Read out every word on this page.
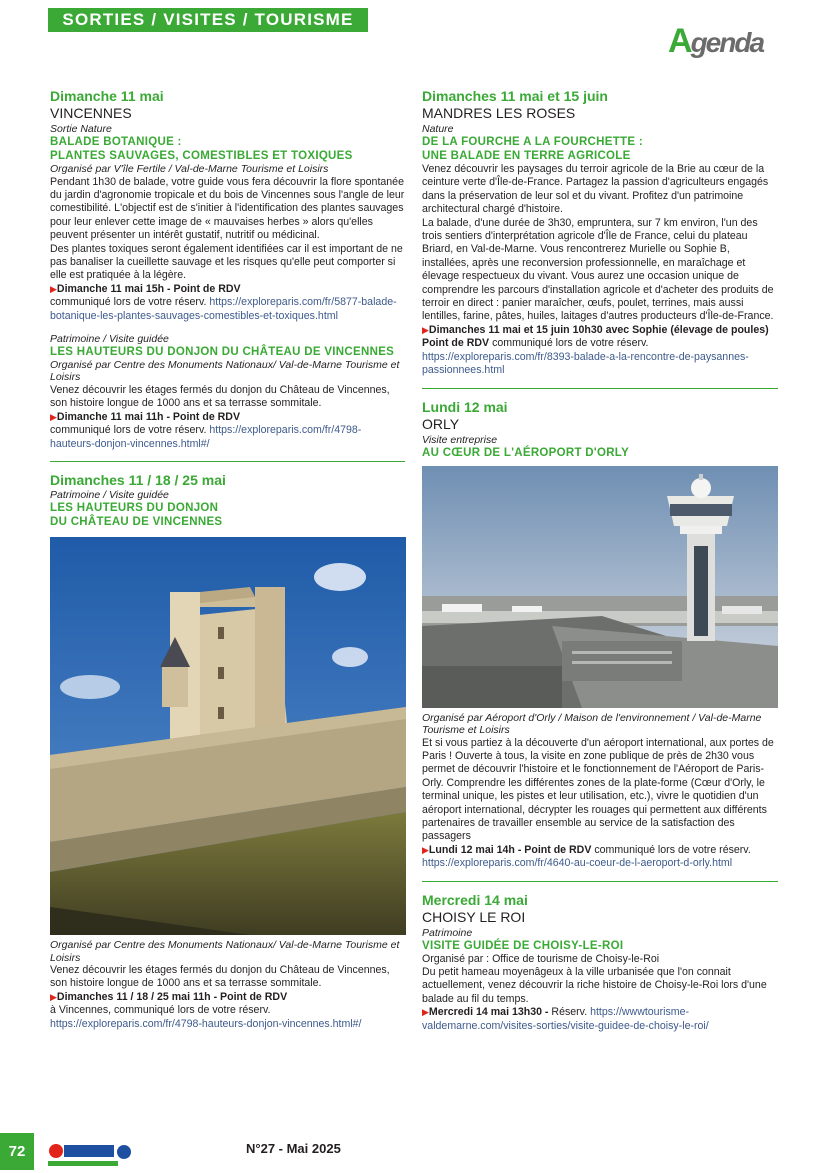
SORTIES / VISITES / TOURISME
Agenda
Dimanche 11 mai
VINCENNES
Sortie Nature
BALADE BOTANIQUE :
PLANTES SAUVAGES, COMESTIBLES ET TOXIQUES
Organisé par V'île Fertile / Val-de-Marne Tourisme et Loisirs

Pendant 1h30 de balade, votre guide vous fera découvrir la flore spontanée du jardin d'agronomie tropicale et du bois de Vincennes sous l'angle de leur comestibilité. L'objectif est de s'initier à l'identification des plantes sauvages pour leur enlever cette image de « mauvaises herbes » alors qu'elles peuvent présenter un intérêt gustatif, nutritif ou médicinal.

Des plantes toxiques seront également identifiées car il est important de ne pas banaliser la cueillette sauvage et les risques qu'elle peut comporter si elle est pratiquée à la légère.

▶Dimanche 11 mai 15h - Point de RDV
communiqué lors de votre réserv. https://exploreparis.com/fr/5877-balade-botanique-les-plantes-sauvages-comestibles-et-toxiques.html
Patrimoine / Visite guidée
LES HAUTEURS DU DONJON DU CHÂTEAU DE VINCENNES
Organisé par Centre des Monuments Nationaux/ Val-de-Marne Tourisme et Loisirs

Venez découvrir les étages fermés du donjon du Château de Vincennes, son histoire longue de 1000 ans et sa terrasse sommitale.

▶Dimanche 11 mai 11h - Point de RDV
communiqué lors de votre réserv. https://exploreparis.com/fr/4798-hauteurs-donjon-vincennes.html#/
Dimanches 11 / 18 / 25 mai
Patrimoine / Visite guidée
LES HAUTEURS DU DONJON
DU CHÂTEAU DE VINCENNES
Organisé par Centre des Monuments Nationaux/ Val-de-Marne Tourisme et Loisirs

Venez découvrir les étages fermés du donjon du Château de Vincennes, son histoire longue de 1000 ans et sa terrasse sommitale.

▶Dimanches 11 / 18 / 25 mai 11h - Point de RDV
à Vincennes, communiqué lors de votre réserv.
https://exploreparis.com/fr/4798-hauteurs-donjon-vincennes.html#/
Dimanches 11 mai et 15 juin
MANDRES LES ROSES
Nature
DE LA FOURCHE A LA FOURCHETTE :
UNE BALADE EN TERRE AGRICOLE

Venez découvrir les paysages du terroir agricole de la Brie au cœur de la ceinture verte d'Île-de-France. Partagez la passion d'agriculteurs engagés dans la préservation de leur sol et du vivant. Profitez d'un patrimoine architectural chargé d'histoire.

La balade, d'une durée de 3h30, empruntera, sur 7 km environ, l'un des trois sentiers d'interprétation agricole d'Île de France, celui du plateau Briard, en Val-de-Marne. Vous rencontrerez Murielle ou Sophie B, installées, après une reconversion professionnelle, en maraîchage et élevage respectueux du vivant. Vous aurez une occasion unique de comprendre les parcours d'installation agricole et d'acheter des produits de terroir en direct : panier maraîcher, œufs, poulet, terrines, mais aussi lentilles, farine, pâtes, huiles, laitages d'autres producteurs d'Île-de-France.

▶Dimanches 11 mai et 15 juin 10h30 avec Sophie (élevage de poules) Point de RDV communiqué lors de votre réserv. https://exploreparis.com/fr/8393-balade-a-la-rencontre-de-paysannes-passionnees.html
Lundi 12 mai
ORLY
Visite entreprise
AU CŒUR DE L'AÉROPORT D'ORLY
Organisé par Aéroport d'Orly / Maison de l'environnement / Val-de-Marne Tourisme et Loisirs

Et si vous partiez à la découverte d'un aéroport international, aux portes de Paris ! Ouverte à tous, la visite en zone publique de près de 2h30 vous permet de découvrir l'histoire et le fonctionnement de l'Aéroport de Paris-Orly. Comprendre les différentes zones de la plate-forme (Cœur d'Orly, le terminal unique, les pistes et leur utilisation, etc.), vivre le quotidien d'un aéroport international, décrypter les rouages qui permettent aux différents partenaires de travailler ensemble au service de la satisfaction des passagers

▶Lundi 12 mai 14h - Point de RDV communiqué lors de votre réserv.
https://exploreparis.com/fr/4640-au-coeur-de-l-aeroport-d-orly.html
Mercredi 14 mai
CHOISY LE ROI
Patrimoine
VISITE GUIDÉE DE CHOISY-LE-ROI
Organisé par : Office de tourisme de Choisy-le-Roi

Du petit hameau moyenâgeux à la ville urbanisée que l'on connait actuellement, venez découvrir la riche histoire de Choisy-le-Roi lors d'une balade au fil du temps.

▶Mercredi 14 mai 13h30 - Réserv. https://wwwtourisme-valdemarne.com/visites-sorties/visite-guidee-de-choisy-le-roi/
72	N°27 - Mai 2025
